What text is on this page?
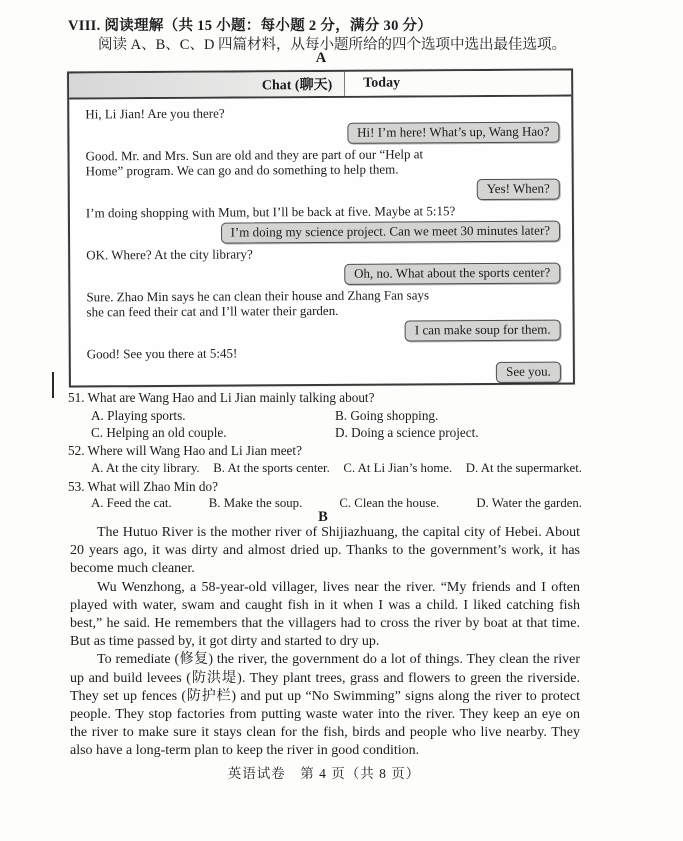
VIII. 阅读理解（共 15 小题：每小题 2 分，满分 30 分）
阅读 A、B、C、D 四篇材料，从每小题所给的四个选项中选出最佳选项。
A
Chat (聊天)	Today
Hi, Li Jian! Are you there?
Hi! I’m here! What’s up, Wang Hao?
Good. Mr. and Mrs. Sun are old and they are part of our “Help at
Home” program. We can go and do something to help them.
Yes! When?
I’m doing shopping with Mum, but I’ll be back at five. Maybe at 5:15?
I’m doing my science project. Can we meet 30 minutes later?
OK. Where? At the city library?
Oh, no. What about the sports center?
Sure. Zhao Min says he can clean their house and Zhang Fan says
she can feed their cat and I’ll water their garden.
I can make soup for them.
Good! See you there at 5:45!
See you.
51. What are Wang Hao and Li Jian mainly talking about?
A. Playing sports.	B. Going shopping.
C. Helping an old couple.	D. Doing a science project.
52. Where will Wang Hao and Li Jian meet?
A. At the city library. B. At the sports center. C. At Li Jian’s home. D. At the supermarket.
53. What will Zhao Min do?
A. Feed the cat.	B. Make the soup.	C. Clean the house.	D. Water the garden.
B

The Hutuo River is the mother river of Shijiazhuang, the capital city of Hebei. About 20 years ago, it was dirty and almost dried up. Thanks to the government’s work, it has become much cleaner.

Wu Wenzhong, a 58-year-old villager, lives near the river. “My friends and I often played with water, swam and caught fish in it when I was a child. I liked catching fish best,” he said. He remembers that the villagers had to cross the river by boat at that time. But as time passed by, it got dirty and started to dry up.

To remediate (修复) the river, the government do a lot of things. They clean the river up and build levees (防洪堤). They plant trees, grass and flowers to green the riverside. They set up fences (防护栏) and put up “No Swimming” signs along the river to protect people. They stop factories from putting waste water into the river. They keep an eye on the river to make sure it stays clean for the fish, birds and people who live nearby. They also have a long-term plan to keep the river in good condition.

英语试卷　第 4 页（共 8 页）
